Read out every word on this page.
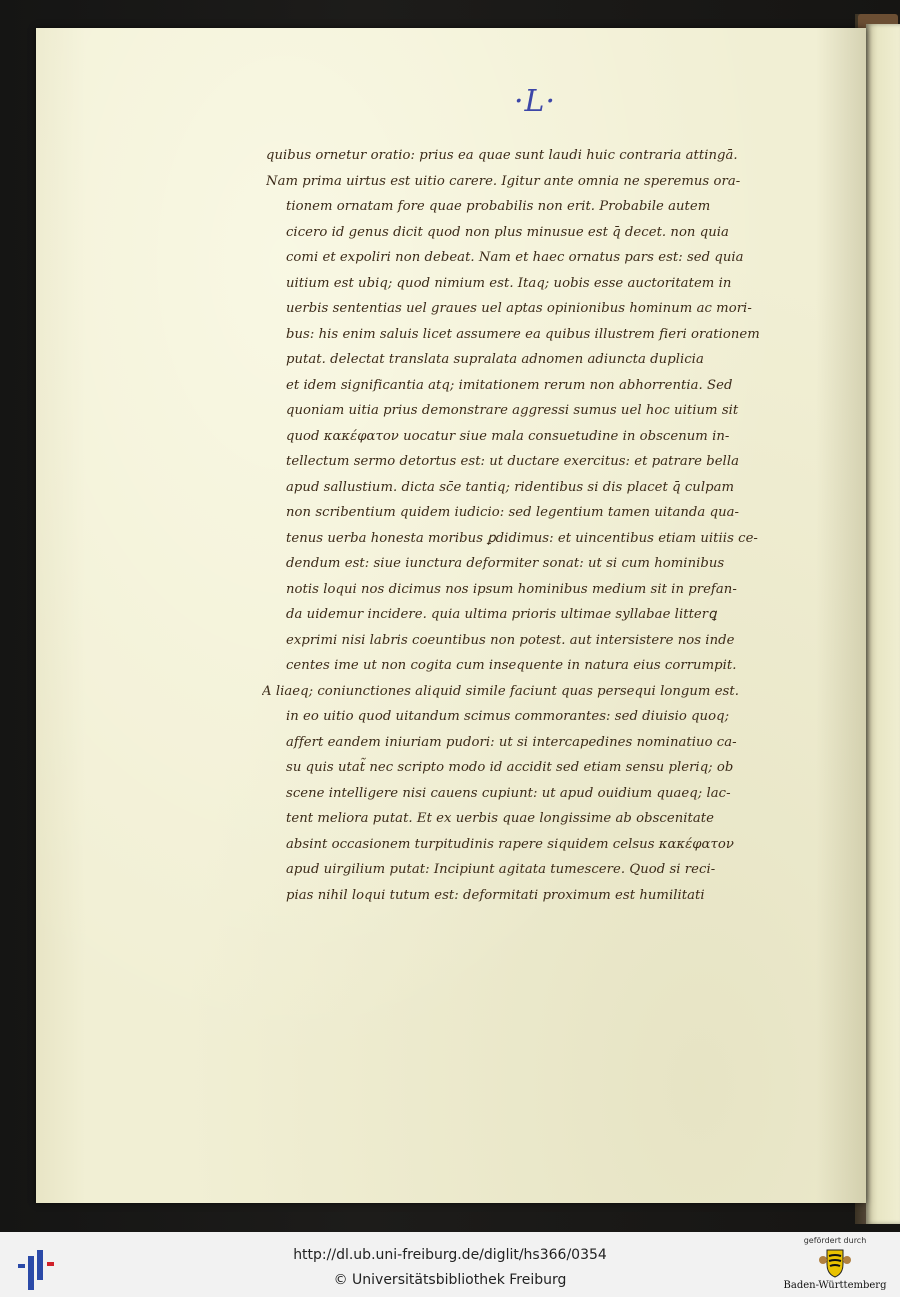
·L·
quibus ornetur oratio: prius ea quae sunt laudi huic contraria attingā.
Nam prima uirtus est uitio carere. Igitur ante omnia ne speremus ora-
tionem ornatam fore quae probabilis non erit. Probabile autem
cicero id genus dicit quod non plus minusue est q̄ decet. non quia
comi et expoliri non debeat. Nam et haec ornatus pars est: sed quia
uitium est ubiq; quod nimium est. Itaq; uobis esse auctoritatem in
uerbis sententias uel graues uel aptas opinionibus hominum ac mori-
bus: his enim saluis licet assumere ea quibus illustrem fieri orationem
putat. delectat translata supralata adnomen adiuncta duplicia
et idem significantia atq; imitationem rerum non abhorrentia. Sed
quoniam uitia prius demonstrare aggressi sumus uel hoc uitium sit
quod κακέφατον uocatur siue mala consuetudine in obscenum in-
tellectum sermo detortus est: ut ductare exercitus: et patrare bella
apud sallustium. dicta sc̄e tantiq; ridentibus si dis placet q̄ culpam
non scribentium quidem iudicio: sed legentium tamen uitanda qua-
tenus uerba honesta moribus ꝑdidimus: et uincentibus etiam uitiis ce-
dendum est: siue iunctura deformiter sonat: ut si cum hominibus
notis loqui nos dicimus nos ipsum hominibus medium sit in prefan-
da uidemur incidere. quia ultima prioris ultimae syllabae litterꝗ
exprimi nisi labris coeuntibus non potest. aut intersistere nos inde
centes ime ut non cogita cum insequente in natura eius corrumpit.
A liaeq; coniunctiones aliquid simile faciunt quas persequi longum est.
in eo uitio quod uitandum scimus commorantes: sed diuisio quoq;
affert eandem iniuriam pudori: ut si intercapedines nominatiuo ca-
su quis utat̃ nec scripto modo id accidit sed etiam sensu pleriq; ob
scene intelligere nisi cauens cupiunt: ut apud ouidium quaeq; lac-
tent meliora putat. Et ex uerbis quae longissime ab obscenitate
absint occasionem turpitudinis rapere siquidem celsus κακέφατον
apud uirgilium putat: Incipiunt agitata tumescere. Quod si reci-
pias nihil loqui tutum est: deformitati proximum est humilitati
http://dl.ub.uni-freiburg.de/diglit/hs366/0354
© Universitätsbibliothek Freiburg
gefördert durch
Baden-Württemberg
